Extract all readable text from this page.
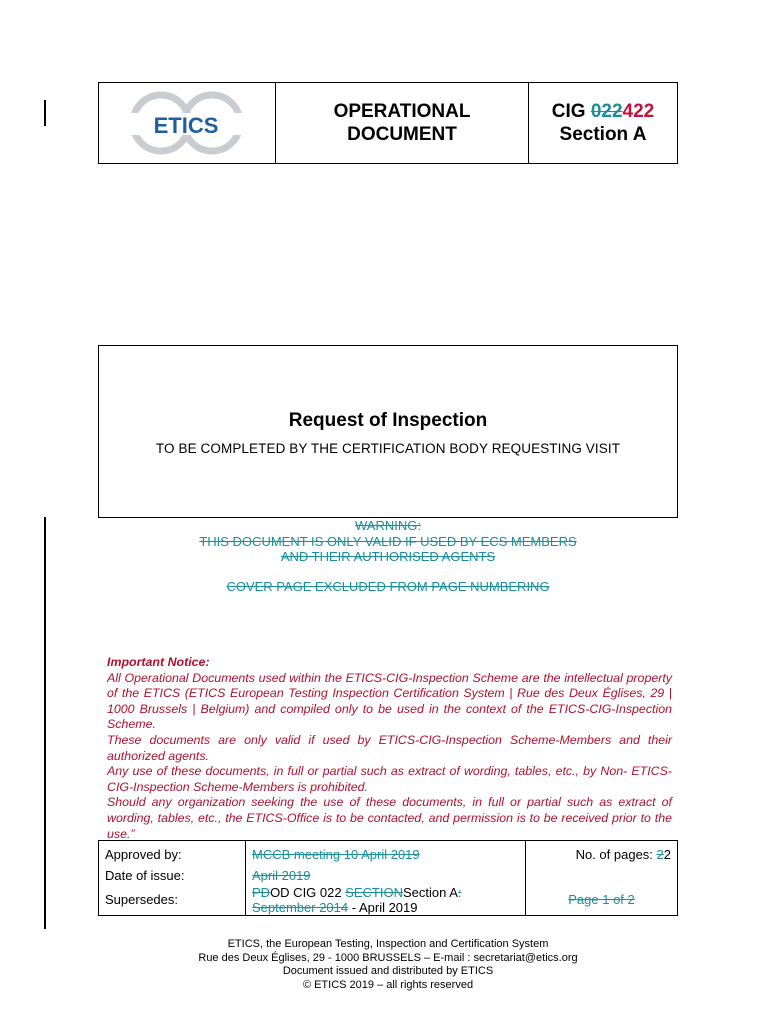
ETICS
OPERATIONAL
DOCUMENT
CIG 022422
Section A
Request of Inspection
TO BE COMPLETED BY THE CERTIFICATION BODY REQUESTING VISIT
WARNING:
THIS DOCUMENT IS ONLY VALID IF USED BY ECS MEMBERS
AND THEIR AUTHORISED AGENTS
COVER PAGE EXCLUDED FROM PAGE NUMBERING

Important Notice:

All Operational Documents used within the ETICS-CIG-Inspection Scheme are the intellectual property of the ETICS (ETICS European Testing Inspection Certification System | Rue des Deux Églises, 29 | 1000 Brussels | Belgium) and compiled only to be used in the context of the ETICS-CIG-Inspection Scheme.

These documents are only valid if used by ETICS-CIG-Inspection Scheme-Members and their authorized agents.

Any use of these documents, in full or partial such as extract of wording, tables, etc., by Non- ETICS-CIG-Inspection Scheme-Members is prohibited.

Should any organization seeking the use of these documents, in full or partial such as extract of wording, tables, etc., the ETICS-Office is to be contacted, and permission is to be received prior to the use.”

Approved by:
Date of issue:
Supersedes:
MCCB meeting 10 April 2019
April 2019
PDOD CIG 022 SECTIONSection A:
September 2014 - April 2019
No. of pages: 22
Page 1 of 2
ETICS, the European Testing, Inspection and Certification System
Rue des Deux Églises, 29 - 1000 BRUSSELS – E-mail : secretariat@etics.org
Document issued and distributed by ETICS
© ETICS 2019 – all rights reserved
